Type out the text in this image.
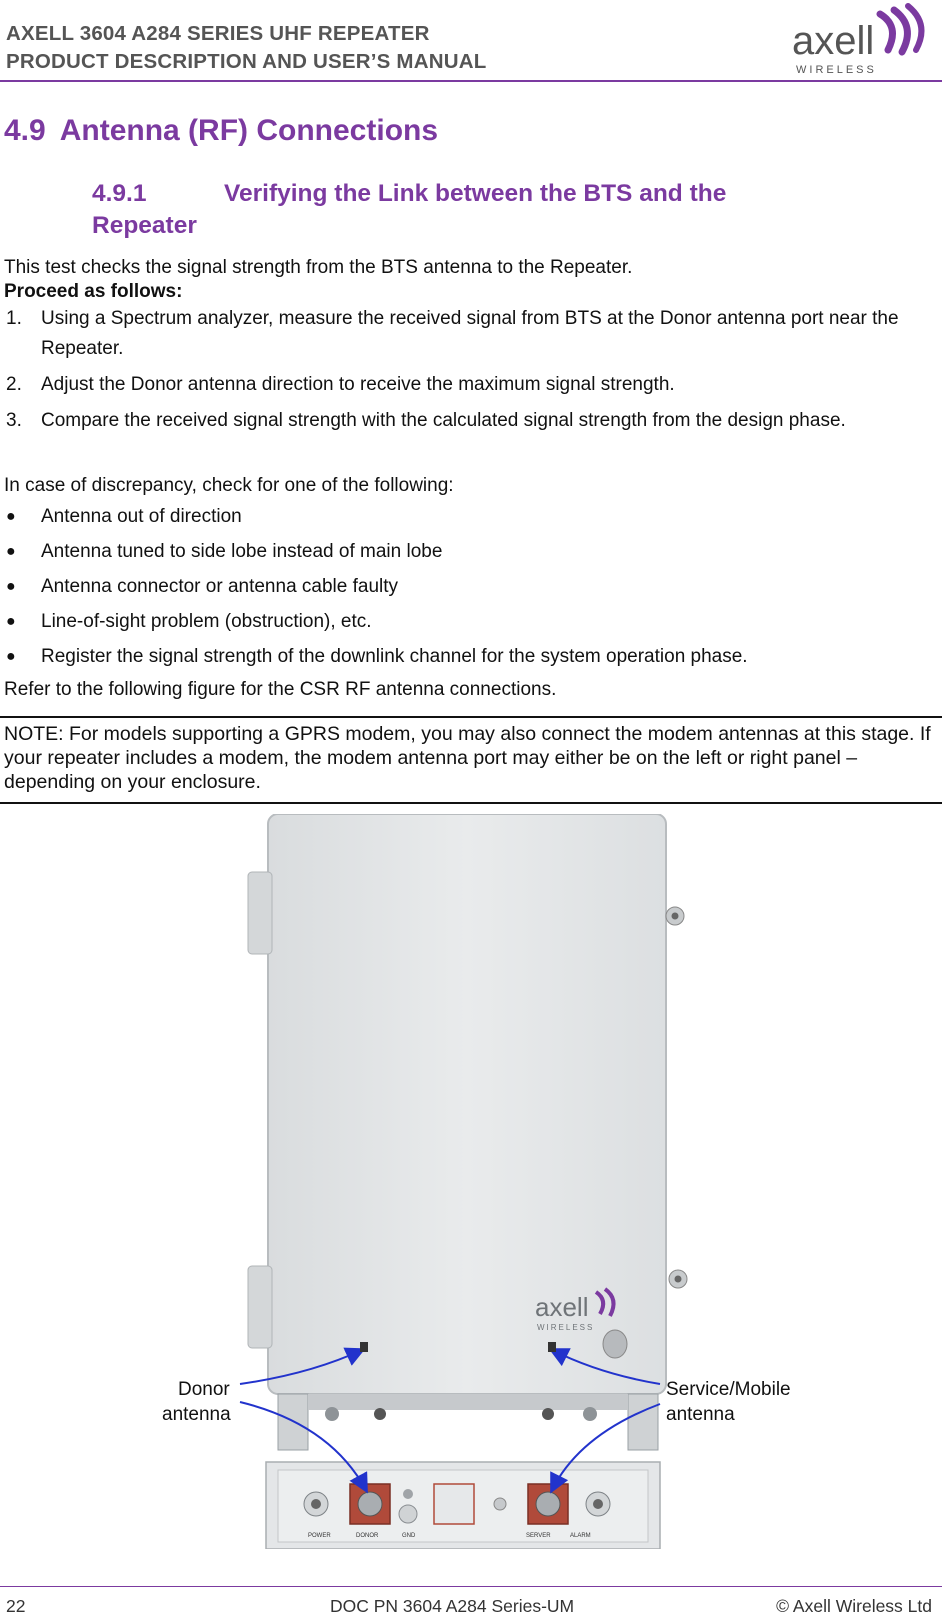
AXELL 3604 A284 SERIES UHF REPEATER
PRODUCT DESCRIPTION AND USER’S MANUAL	axell
WIRELESS
4.9 Antenna (RF) Connections
4.9.1	Verifying the Link between the BTS and the
Repeater
This test checks the signal strength from the BTS antenna to the Repeater.
Proceed as follows:
1. Using a Spectrum analyzer, measure the received signal from BTS at the Donor antenna port near the Repeater.
2. Adjust the Donor antenna direction to receive the maximum signal strength.
3. Compare the received signal strength with the calculated signal strength from the design phase.
In case of discrepancy, check for one of the following:
● Antenna out of direction
● Antenna tuned to side lobe instead of main lobe
● Antenna connector or antenna cable faulty
● Line-of-sight problem (obstruction), etc.
● Register the signal strength of the downlink channel for the system operation phase.
Refer to the following figure for the CSR RF antenna connections.
NOTE: For models supporting a GPRS modem, you may also connect the modem antennas at this stage. If your repeater includes a modem, the modem antenna port may either be on the left or right panel – depending on your enclosure.
axell
WIRELESS
POWER	DONOR	GND	SERVER	ALARM
Donor
antenna
Service/Mobile
antenna
22	DOC PN 3604 A284 Series-UM	© Axell Wireless Ltd
